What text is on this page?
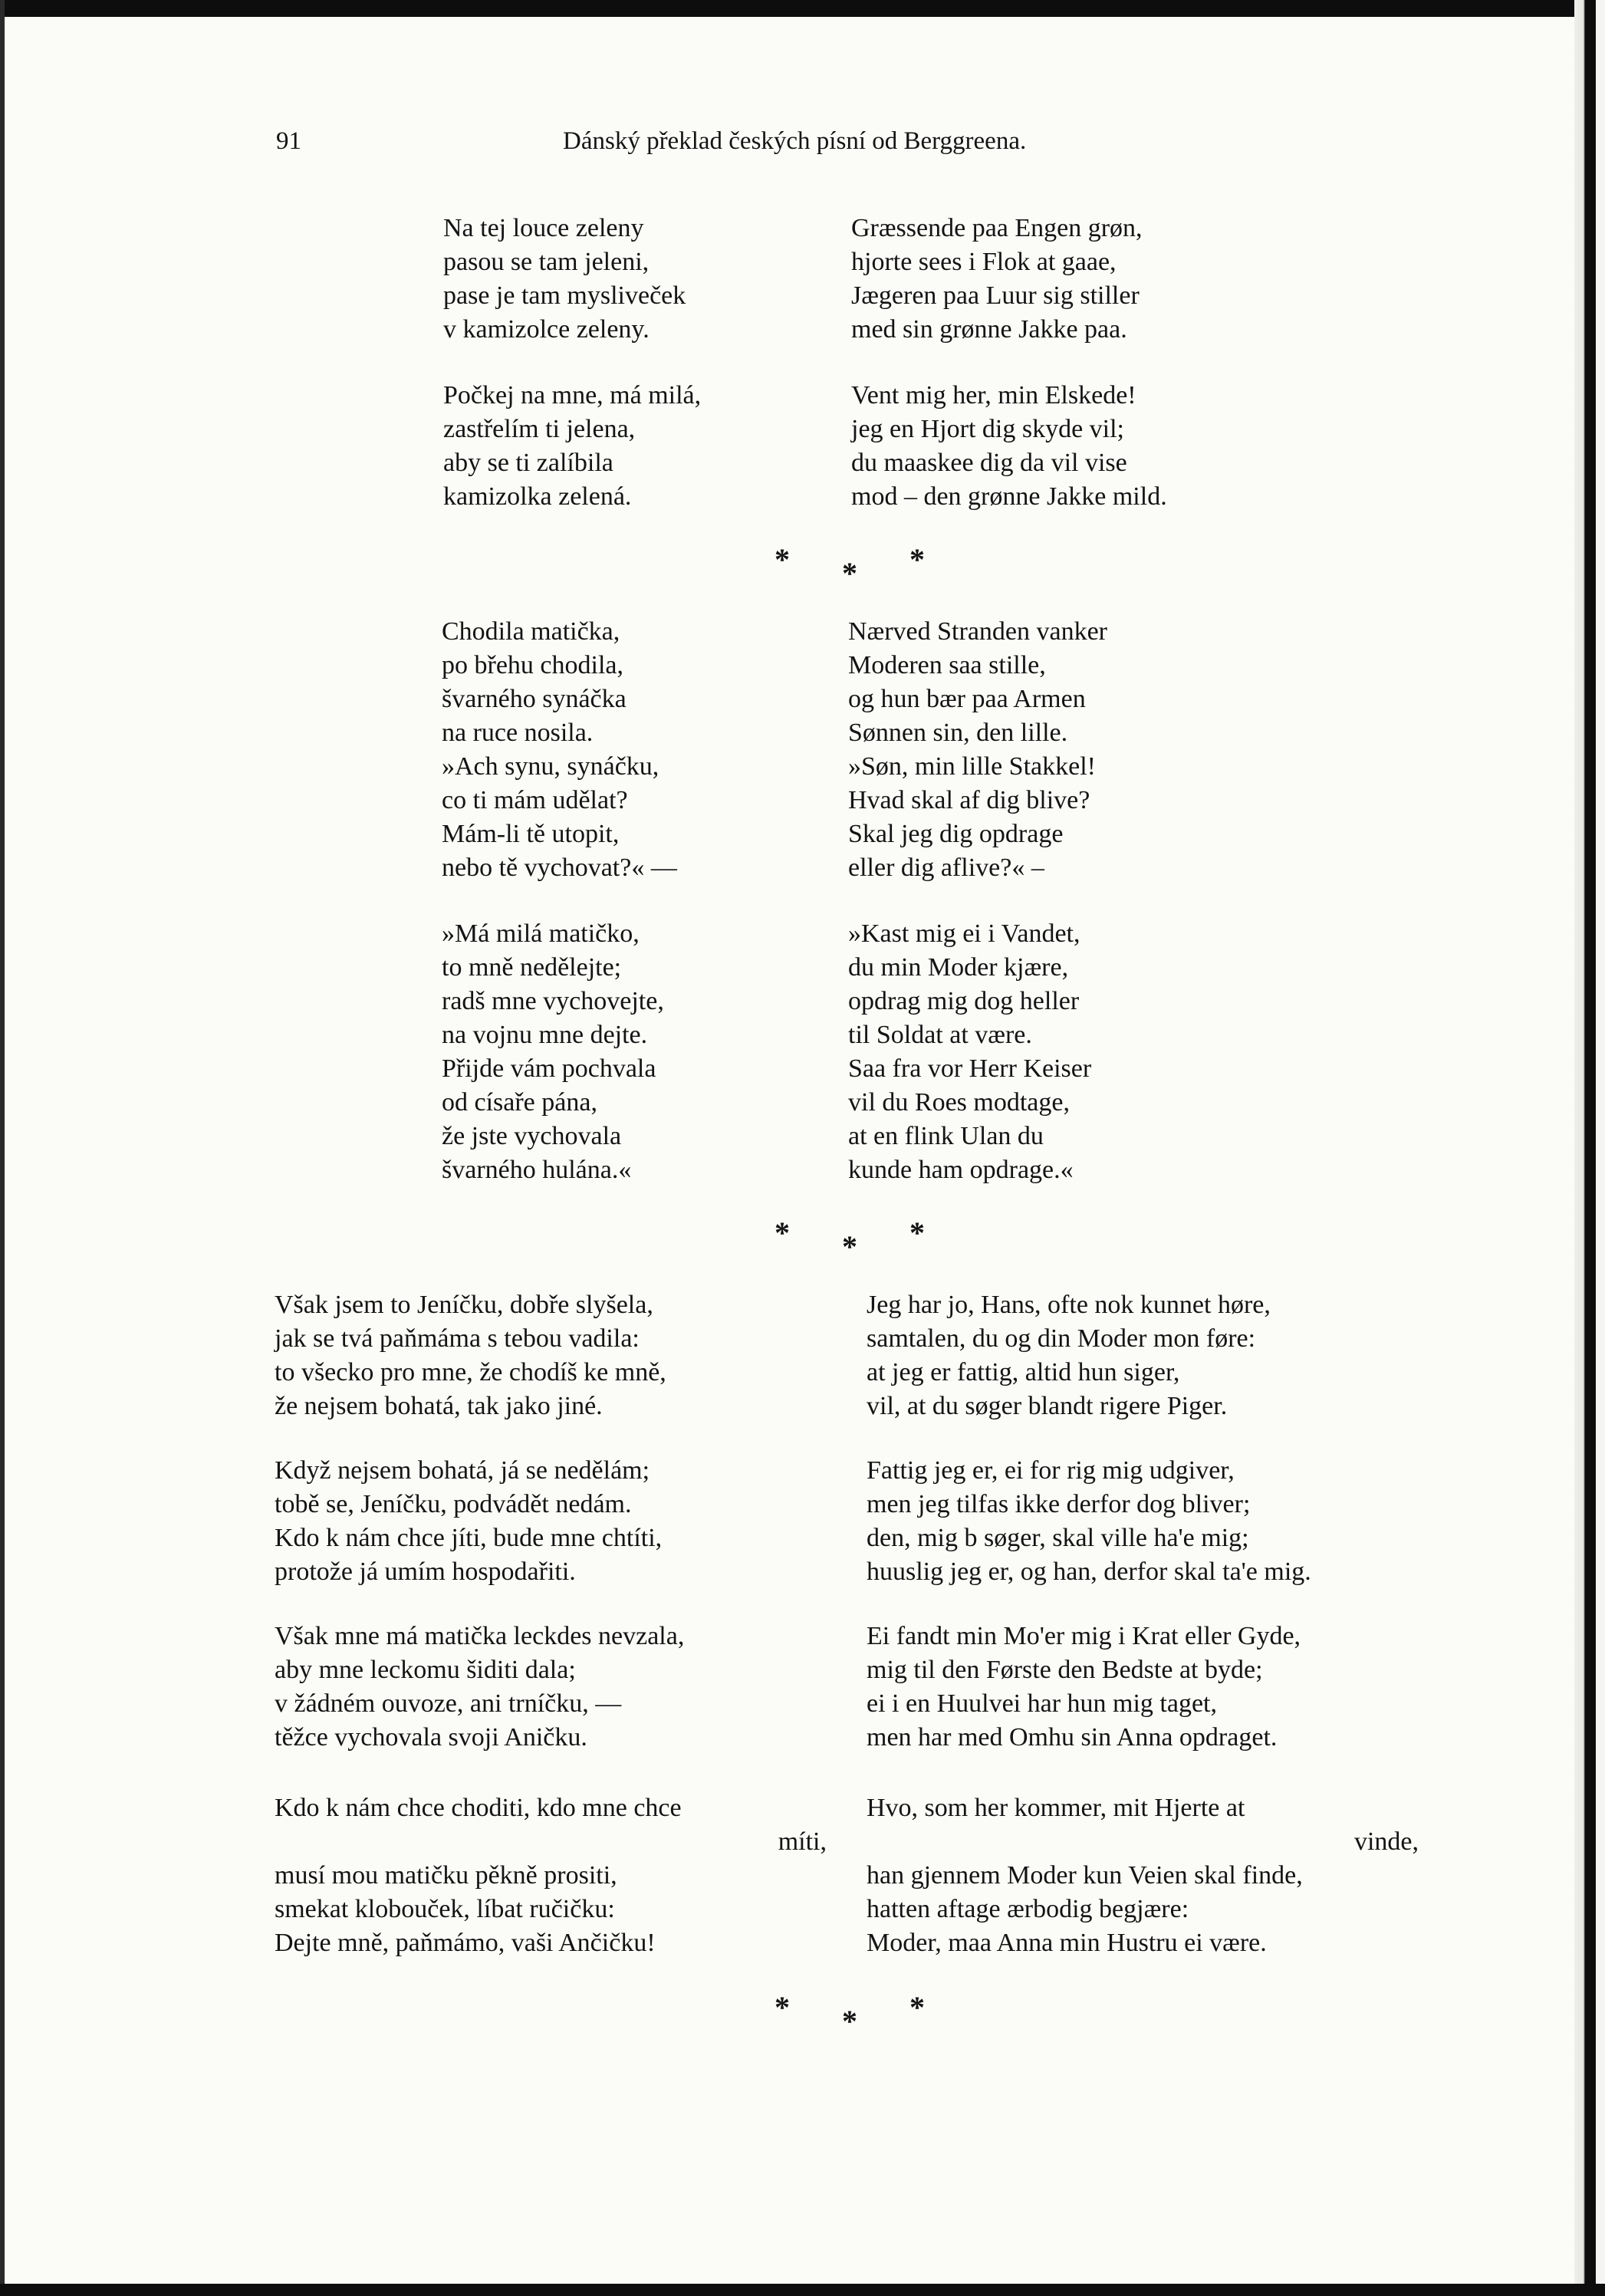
91	Dánský překlad českých písní od Berggreena.
Na tej louce zeleny
pasou se tam jeleni,
pase je tam myslivеček
v kamizolce zeleny.
Græssende paa Engen grøn,
hjorte sees i Flok at gaae,
Jægeren paa Luur sig stiller
med sin grønne Jakke paa.
Počkej na mne, má milá,
zastřelím ti jelena,
aby se ti zalíbila
kamizolka zelená.
Vent mig her, min Elskede!
jeg en Hjort dig skyde vil;
du maaskee dig da vil vise
mod – den grønne Jakke mild.
* * *
Chodila matička,
po břehu chodila,
švarného synáčka
na ruce nosila.
»Ach synu, synáčku,
co ti mám udělat?
Mám-li tě utopit,
nebo tě vychovat?« —
Nærved Stranden vanker
Moderen saa stille,
og hun bær paa Armen
Sønnen sin, den lille.
»Søn, min lille Stakkel!
Hvad skal af dig blive?
Skal jeg dig opdrage
eller dig aflive?« –
»Má milá matičko,
to mně nedělejte;
radš mne vychovejte,
na vojnu mne dejte.
Přijde vám pochvala
od císaře pána,
že jste vychovala
švarného hulána.«
»Kast mig ei i Vandet,
du min Moder kjære,
opdrag mig dog heller
til Soldat at være.
Saa fra vor Herr Keiser
vil du Roes modtage,
at en flink Ulan du
kunde ham opdrage.«
* * *
Však jsem to Jeníčku, dobře slyšela,
jak se tvá paňmáma s tebou vadila:
to všecko pro mne, že chodíš ke mně,
že nejsem bohatá, tak jako jiné.
Jeg har jo, Hans, ofte nok kunnet høre,
samtalen, du og din Moder mon føre:
at jeg er fattig, altid hun siger,
vil, at du søger blandt rigere Piger.
Když nejsem bohatá, já se nedělám;
tobě se, Jeníčku, podvádět nedám.
Kdo k nám chce jíti, bude mne chtíti,
protože já umím hospodařiti.
Fattig jeg er, ei for rig mig udgiver,
men jeg tilfas ikke derfor dog bliver;
den, mig b søger, skal ville ha'e mig;
huuslig jeg er, og han, derfor skal ta'e mig.
Však mne má matička leckdes nevzala,
aby mne leckomu šiditi dala;
v žádném ouvoze, ani trníčku, —
těžce vychovala svoji Aničku.
Ei fandt min Mo'er mig i Krat eller Gyde,
mig til den Første den Bedste at byde;
ei i en Huulvei har hun mig taget,
men har med Omhu sin Anna opdraget.
Kdo k nám chce choditi, kdo mne chce
míti,
musí mou matičku pěkně prositi,
smekat klobouček, líbat ručičku:
Dejte mně, paňmámo, vaši Ančičku!
Hvo, som her kommer, mit Hjerte at
vinde,
han gjennem Moder kun Veien skal finde,
hatten aftage ærbodig begjære:
Moder, maa Anna min Hustru ei være.
* * *
